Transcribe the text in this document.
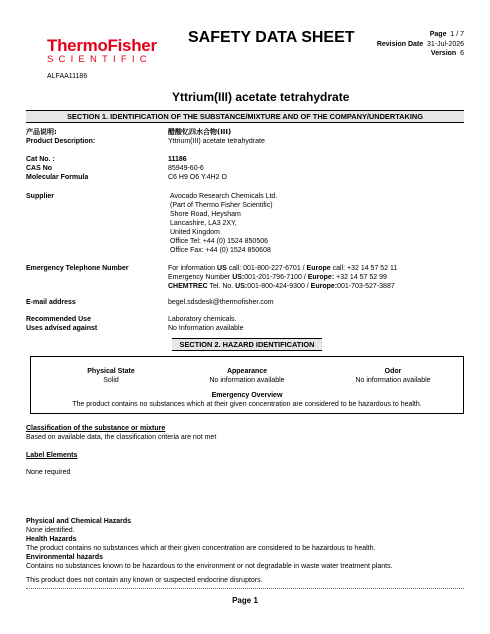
ThermoFisher
SCIENTIFIC
SAFETY DATA SHEET	Page 1 / 7
Revision Date 31-Jul-2026
Version 6
ALFAA11186
Yttrium(III) acetate tetrahydrate
SECTION 1. IDENTIFICATION OF THE SUBSTANCE/MIXTURE AND OF THE COMPANY/UNDERTAKING
产品说明:	醋酸钇四水合物(III)
Product Description:	Yttrium(III) acetate tetrahydrate
Cat No. :	11186
CAS No	85949-60-6
Molecular Formula	C6 H9 O6 Y.4H2 O
Supplier	Avocado Research Chemicals Ltd.
(Part of Thermo Fisher Scientific)
Shore Road, Heysham
Lancashire, LA3 2XY,
United Kingdom
Office Tel: +44 (0) 1524 850506
Office Fax: +44 (0) 1524 850608
Emergency Telephone Number	For information US call: 001-800-227-6701 / Europe call: +32 14 57 52 11
Emergency Number US:001-201-796-7100 / Europe: +32 14 57 52 99
CHEMTREC Tel. No. US:001-800-424-9300 / Europe:001-703-527-3887
E-mail address	begel.sdsdesk@thermofisher.com
Recommended Use	Laboratory chemicals.
Uses advised against	No Information available
SECTION 2. HAZARD IDENTIFICATION
Physical State
Solid
Appearance
No information available
Odor
No information available
Emergency Overview
The product contains no substances which at their given concentration are considered to be hazardous to health.
Classification of the substance or mixture
Based on available data, the classification criteria are not met
Label Elements
None required
Physical and Chemical Hazards
None identified.
Health Hazards
The product contains no substances which at their given concentration are considered to be hazardous to health.
Environmental hazards
Contains no substances known to be hazardous to the environment or not degradable in waste water treatment plants.
This product does not contain any known or suspected endocrine disruptors.
Page 1
